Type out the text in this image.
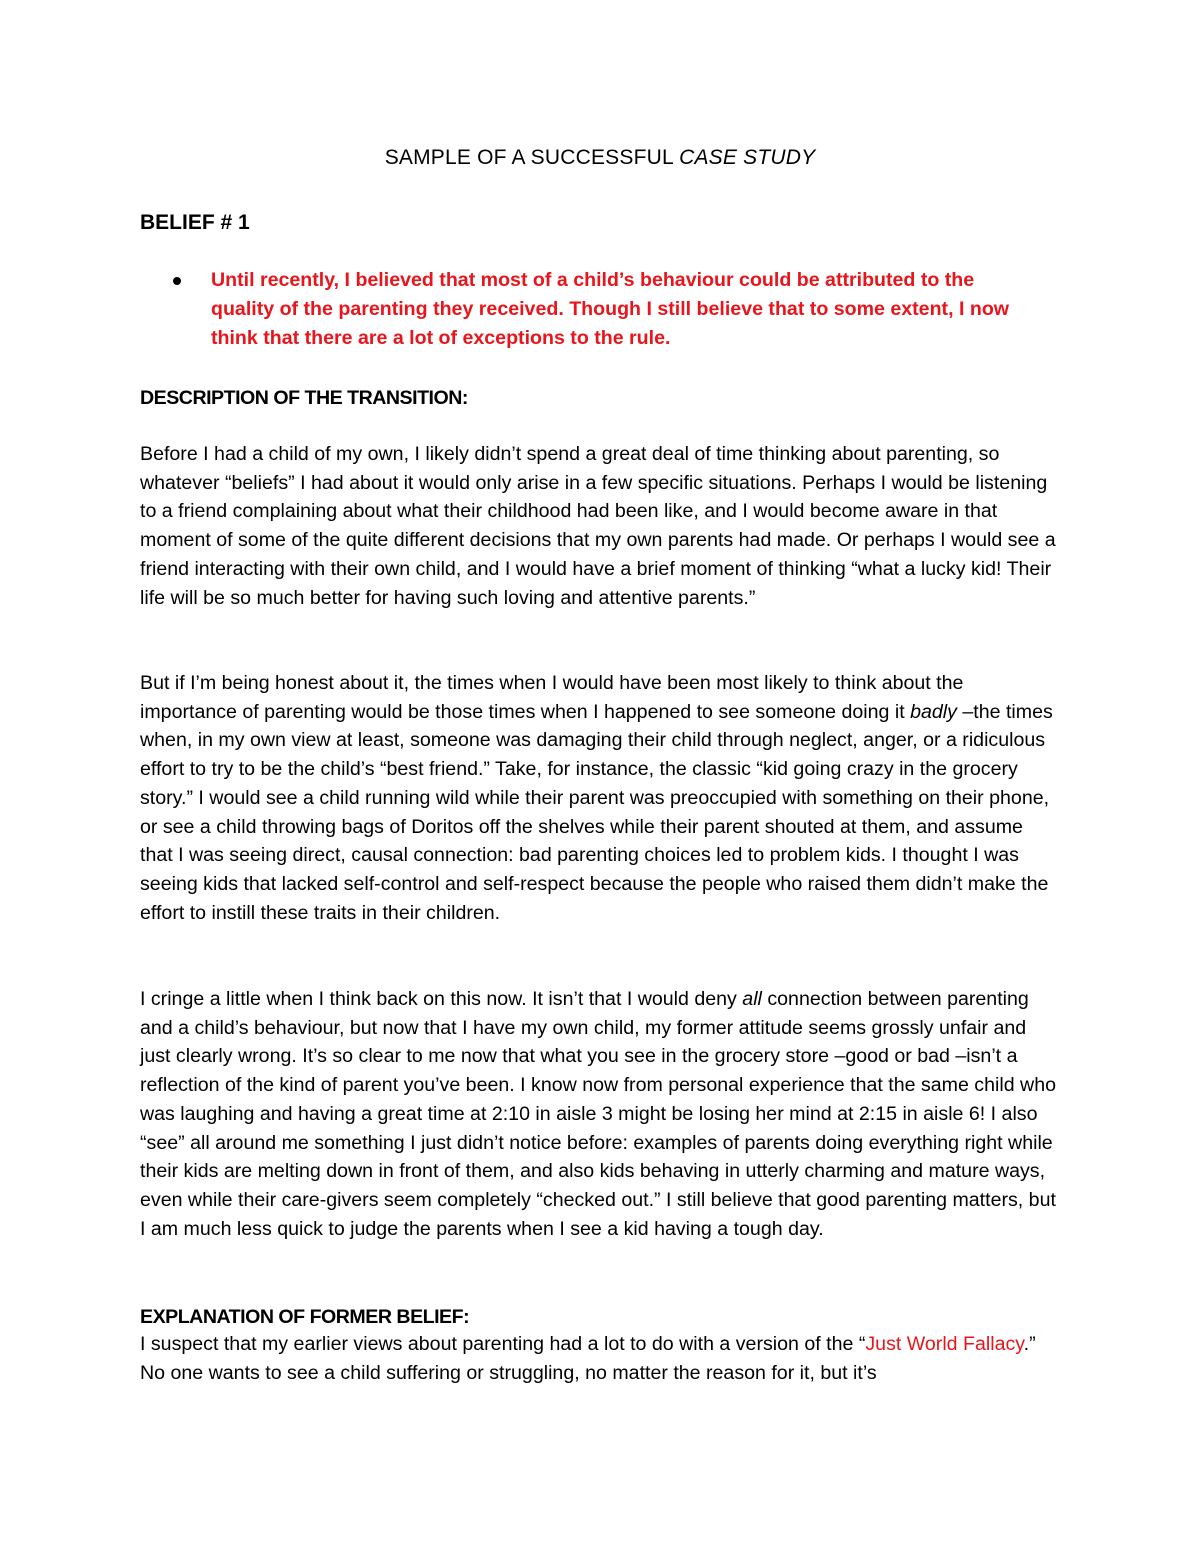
SAMPLE OF A SUCCESSFUL CASE STUDY
BELIEF # 1
Until recently, I believed that most of a child’s behaviour could be attributed to the quality of the parenting they received. Though I still believe that to some extent, I now think that there are a lot of exceptions to the rule.
DESCRIPTION OF THE TRANSITION:

Before I had a child of my own, I likely didn’t spend a great deal of time thinking about parenting, so whatever “beliefs” I had about it would only arise in a few specific situations. Perhaps I would be listening to a friend complaining about what their childhood had been like, and I would become aware in that moment of some of the quite different decisions that my own parents had made. Or perhaps I would see a friend interacting with their own child, and I would have a brief moment of thinking “what a lucky kid! Their life will be so much better for having such loving and attentive parents.”

But if I’m being honest about it, the times when I would have been most likely to think about the importance of parenting would be those times when I happened to see someone doing it badly –the times when, in my own view at least, someone was damaging their child through neglect, anger, or a ridiculous effort to try to be the child’s “best friend.” Take, for instance, the classic “kid going crazy in the grocery story.” I would see a child running wild while their parent was preoccupied with something on their phone, or see a child throwing bags of Doritos off the shelves while their parent shouted at them, and assume that I was seeing direct, causal connection: bad parenting choices led to problem kids. I thought I was seeing kids that lacked self-control and self-respect because the people who raised them didn’t make the effort to instill these traits in their children.

I cringe a little when I think back on this now. It isn’t that I would deny all connection between parenting and a child’s behaviour, but now that I have my own child, my former attitude seems grossly unfair and just clearly wrong. It’s so clear to me now that what you see in the grocery store –good or bad –isn’t a reflection of the kind of parent you’ve been. I know now from personal experience that the same child who was laughing and having a great time at 2:10 in aisle 3 might be losing her mind at 2:15 in aisle 6! I also “see” all around me something I just didn’t notice before: examples of parents doing everything right while their kids are melting down in front of them, and also kids behaving in utterly charming and mature ways, even while their care-givers seem completely “checked out.” I still believe that good parenting matters, but I am much less quick to judge the parents when I see a kid having a tough day.

EXPLANATION OF FORMER BELIEF:

I suspect that my earlier views about parenting had a lot to do with a version of the “Just World Fallacy.” No one wants to see a child suffering or struggling, no matter the reason for it, but it’s
